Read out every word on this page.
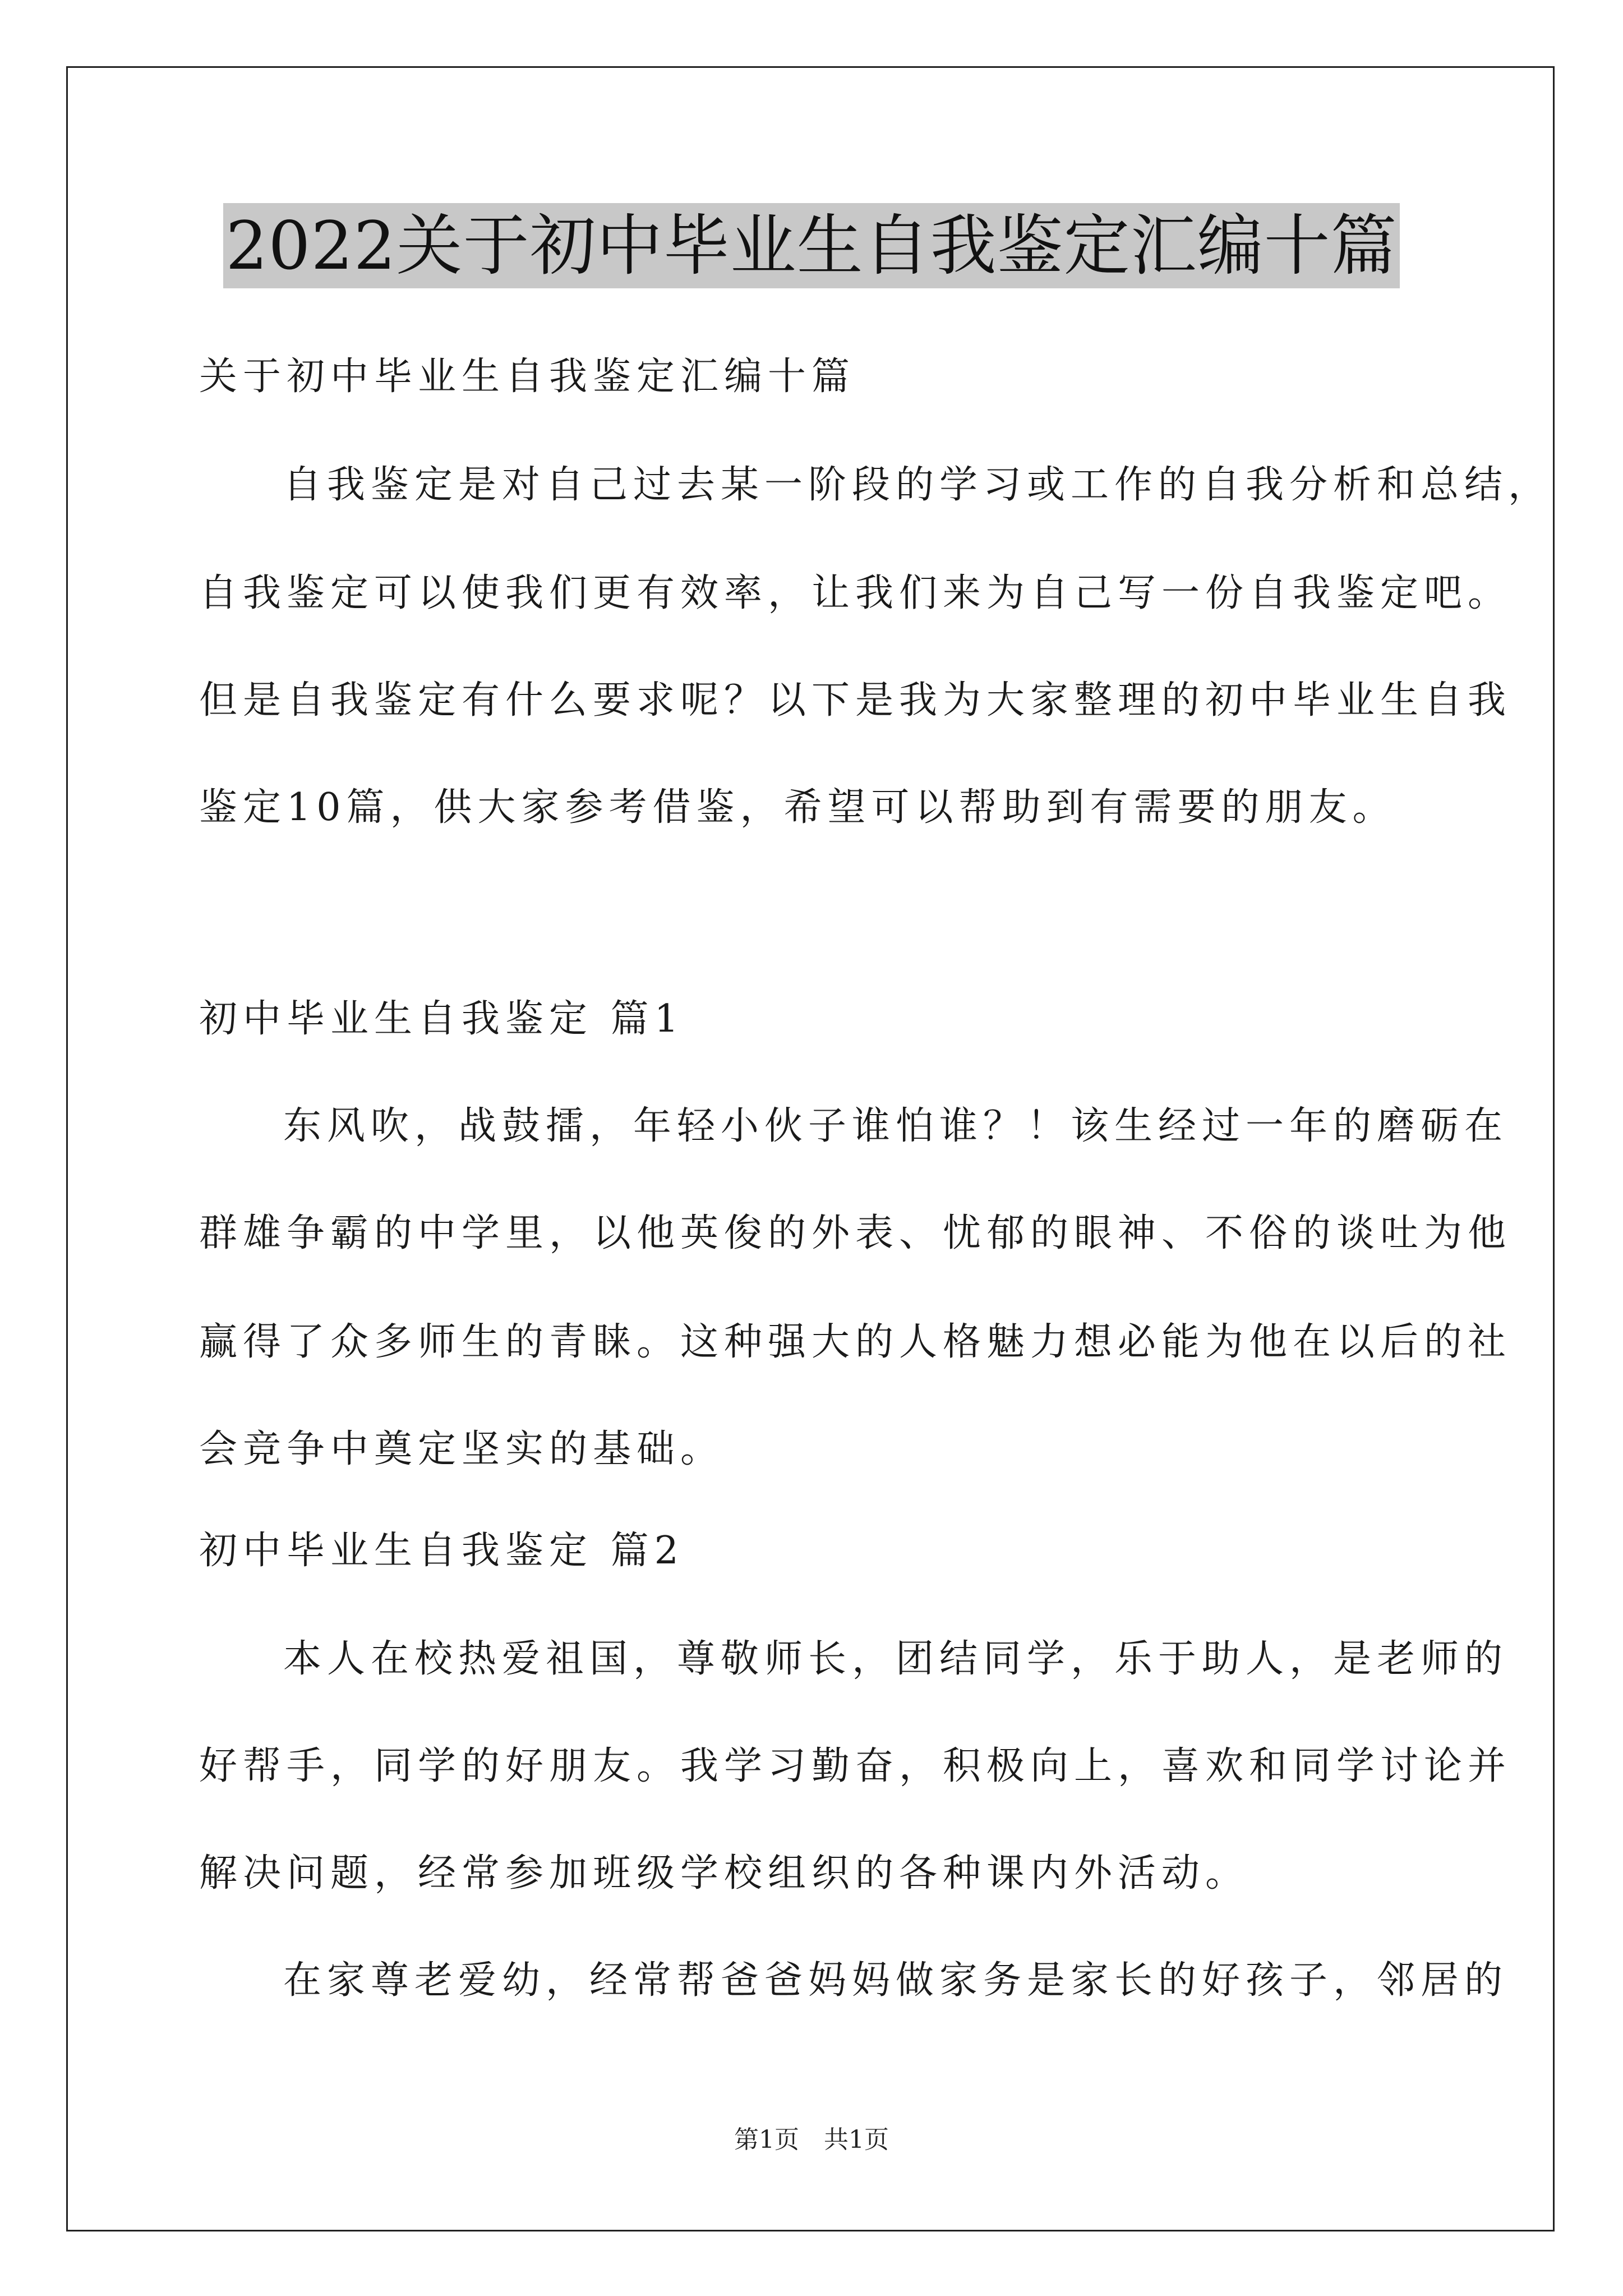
2022关于初中毕业生自我鉴定汇编十篇
关于初中毕业生自我鉴定汇编十篇
自我鉴定是对自己过去某一阶段的学习或工作的自我分析和总结，
自我鉴定可以使我们更有效率，让我们来为自己写一份自我鉴定吧。
但是自我鉴定有什么要求呢？以下是我为大家整理的初中毕业生自我
鉴定10篇，供大家参考借鉴，希望可以帮助到有需要的朋友。
初中毕业生自我鉴定 篇1
东风吹，战鼓擂，年轻小伙子谁怕谁？！该生经过一年的磨砺在
群雄争霸的中学里，以他英俊的外表、忧郁的眼神、不俗的谈吐为他
赢得了众多师生的青睐。这种强大的人格魅力想必能为他在以后的社
会竞争中奠定坚实的基础。
初中毕业生自我鉴定 篇2
本人在校热爱祖国，尊敬师长，团结同学，乐于助人，是老师的
好帮手，同学的好朋友。我学习勤奋，积极向上，喜欢和同学讨论并
解决问题，经常参加班级学校组织的各种课内外活动。
在家尊老爱幼，经常帮爸爸妈妈做家务是家长的好孩子，邻居的
第1页　共1页
